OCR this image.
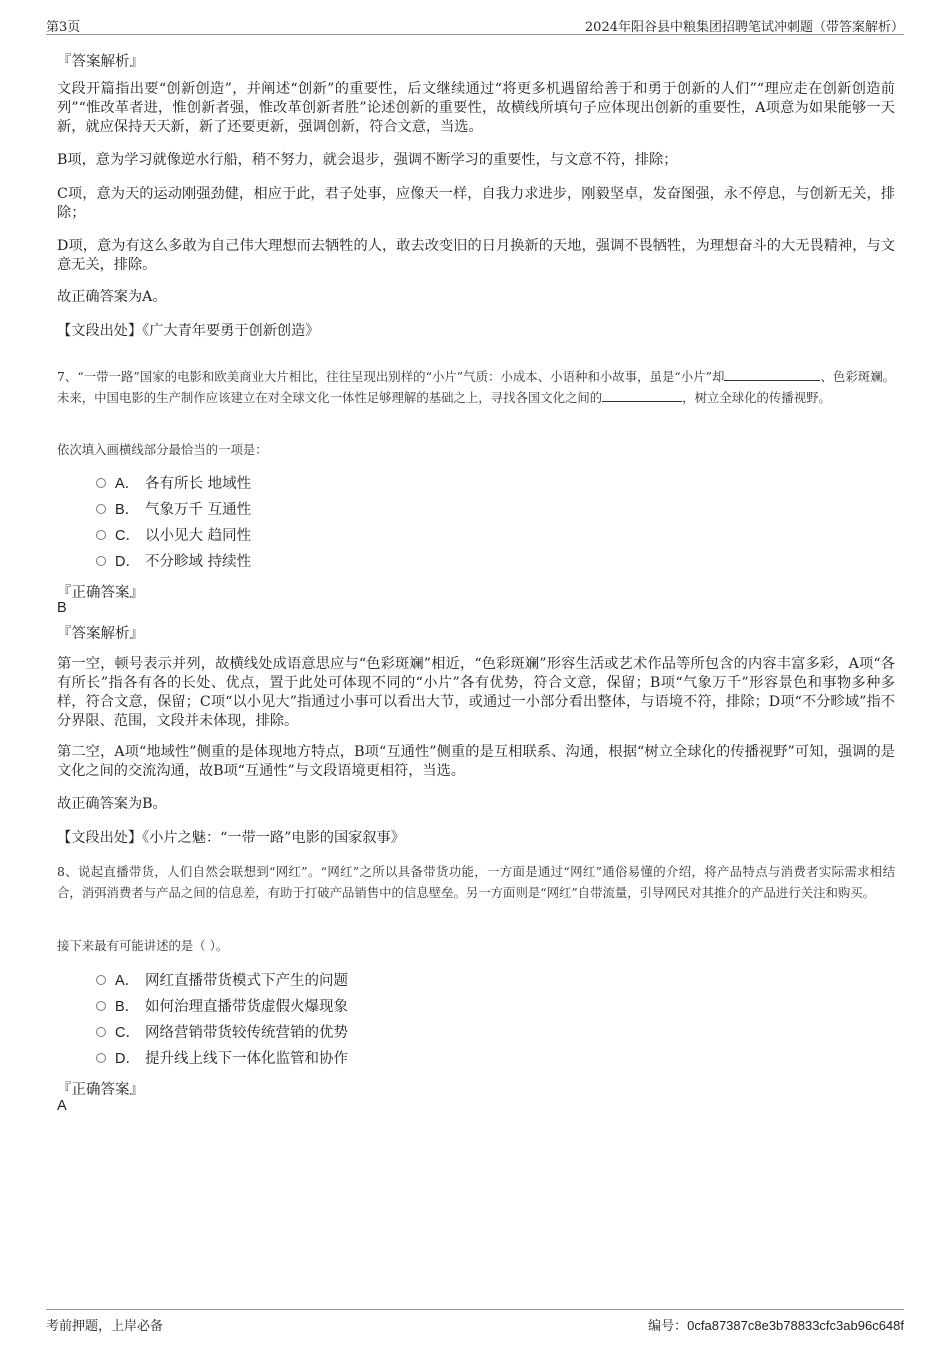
第3页	2024年阳谷县中粮集团招聘笔试冲刺题（带答案解析）
『答案解析』

文段开篇指出要“创新创造”，并阐述“创新”的重要性，后文继续通过“将更多机遇留给善于和勇于创新的人们”“理应走在创新创造前列”“惟改革者进，惟创新者强，惟改革创新者胜”论述创新的重要性，故横线所填句子应体现出创新的重要性，A项意为如果能够一天新，就应保持天天新，新了还要更新，强调创新，符合文意，当选。

B项，意为学习就像逆水行船，稍不努力，就会退步，强调不断学习的重要性，与文意不符，排除；

C项，意为天的运动刚强劲健，相应于此，君子处事，应像天一样，自我力求进步，刚毅坚卓，发奋图强，永不停息，与创新无关，排除；

D项，意为有这么多敢为自己伟大理想而去牺牲的人，敢去改变旧的日月换新的天地，强调不畏牺牲，为理想奋斗的大无畏精神，与文意无关，排除。

故正确答案为A。

【文段出处】《广大青年要勇于创新创造》

7、“一带一路”国家的电影和欧美商业大片相比，往往呈现出别样的“小片”气质：小成本、小语种和小故事，虽是“小片”却	、色彩斑斓。未来，中国电影的生产制作应该建立在对全球文化一体性足够理解的基础之上，寻找各国文化之间的	，树立全球化的传播视野。

依次填入画横线部分最恰当的一项是：

A． 各有所长 地域性
B． 气象万千 互通性
C． 以小见大 趋同性
D． 不分畛域 持续性
『正确答案』
B
『答案解析』

第一空，顿号表示并列，故横线处成语意思应与“色彩斑斓”相近，“色彩斑斓”形容生活或艺术作品等所包含的内容丰富多彩，A项“各有所长”指各有各的长处、优点，置于此处可体现不同的“小片”各有优势，符合文意，保留；B项“气象万千”形容景色和事物多种多样，符合文意，保留；C项“以小见大”指通过小事可以看出大节，或通过一小部分看出整体，与语境不符，排除；D项“不分畛域”指不分界限、范围，文段并未体现，排除。

第二空，A项“地域性”侧重的是体现地方特点，B项“互通性”侧重的是互相联系、沟通，根据“树立全球化的传播视野”可知，强调的是文化之间的交流沟通，故B项“互通性”与文段语境更相符，当选。

故正确答案为B。

【文段出处】《小片之魅：“一带一路”电影的国家叙事》

8、说起直播带货，人们自然会联想到“网红”。“网红”之所以具备带货功能，一方面是通过“网红”通俗易懂的介绍，将产品特点与消费者实际需求相结合，消弭消费者与产品之间的信息差，有助于打破产品销售中的信息壁垒。另一方面则是“网红”自带流量，引导网民对其推介的产品进行关注和购买。

接下来最有可能讲述的是（ ）。

A． 网红直播带货模式下产生的问题
B． 如何治理直播带货虚假火爆现象
C． 网络营销带货较传统营销的优势
D． 提升线上线下一体化监管和协作
『正确答案』
A
考前押题，上岸必备	编号：0cfa87387c8e3b78833cfc3ab96c648f
